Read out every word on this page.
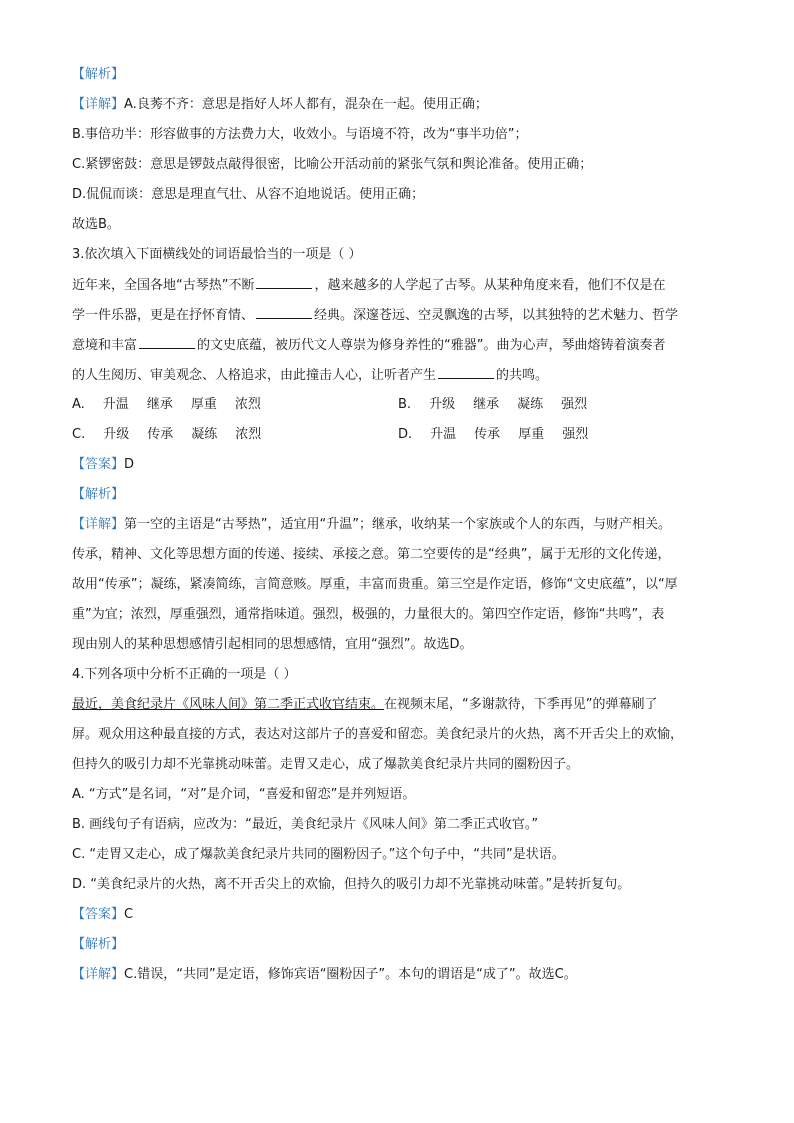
【解析】
【详解】A.良莠不齐：意思是指好人坏人都有，混杂在一起。使用正确；
B.事倍功半：形容做事的方法费力大，收效小。与语境不符，改为“事半功倍”；
C.紧锣密鼓：意思是锣鼓点敲得很密，比喻公开活动前的紧张气氛和舆论准备。使用正确；
D.侃侃而谈：意思是理直气壮、从容不迫地说话。使用正确；
故选B。
3.依次填入下面横线处的词语最恰当的一项是（ ）
近年来，全国各地“古琴热”不断	，越来越多的人学起了古琴。从某种角度来看，他们不仅是在
学一件乐器，更是在抒怀育情、	经典。深邃苍远、空灵飘逸的古琴，以其独特的艺术魅力、哲学
意境和丰富	的文史底蕴，被历代文人尊崇为修身养性的“雅器”。曲为心声，琴曲熔铸着演奏者
的人生阅历、审美观念、人格追求，由此撞击人心，让听者产生	的共鸣。
A. 升温 继承 厚重 浓烈	B. 升级 继承 凝练 强烈
C. 升级 传承 凝练 浓烈	D. 升温 传承 厚重 强烈
【答案】D
【解析】
【详解】第一空的主语是“古琴热”，适宜用“升温”；继承，收纳某一个家族或个人的东西，与财产相关。
传承，精神、文化等思想方面的传递、接续、承接之意。第二空要传的是“经典”，属于无形的文化传递，
故用“传承”；凝练，紧凑简练，言简意赅。厚重，丰富而贵重。第三空是作定语，修饰“文史底蕴”，以“厚
重”为宜；浓烈，厚重强烈，通常指味道。强烈，极强的，力量很大的。第四空作定语，修饰“共鸣”，表
现由别人的某种思想感情引起相同的思想感情，宜用“强烈”。故选D。
4.下列各项中分析不正确的一项是（ ）
最近，美食纪录片《风味人间》第二季正式收官结束。在视频末尾，“多谢款待，下季再见”的弹幕刷了
屏。观众用这种最直接的方式，表达对这部片子的喜爱和留恋。美食纪录片的火热，离不开舌尖上的欢愉，
但持久的吸引力却不光靠挑动味蕾。走胃又走心，成了爆款美食纪录片共同的圈粉因子。
A. “方式”是名词，“对”是介词，“喜爱和留恋”是并列短语。
B. 画线句子有语病，应改为：“最近，美食纪录片《风味人间》第二季正式收官。”
C. “走胃又走心，成了爆款美食纪录片共同的圈粉因子。”这个句子中，“共同”是状语。
D. “美食纪录片的火热，离不开舌尖上的欢愉，但持久的吸引力却不光靠挑动味蕾。”是转折复句。
【答案】C
【解析】
【详解】C.错误，“共同”是定语，修饰宾语“圈粉因子”。本句的谓语是“成了”。故选C。
